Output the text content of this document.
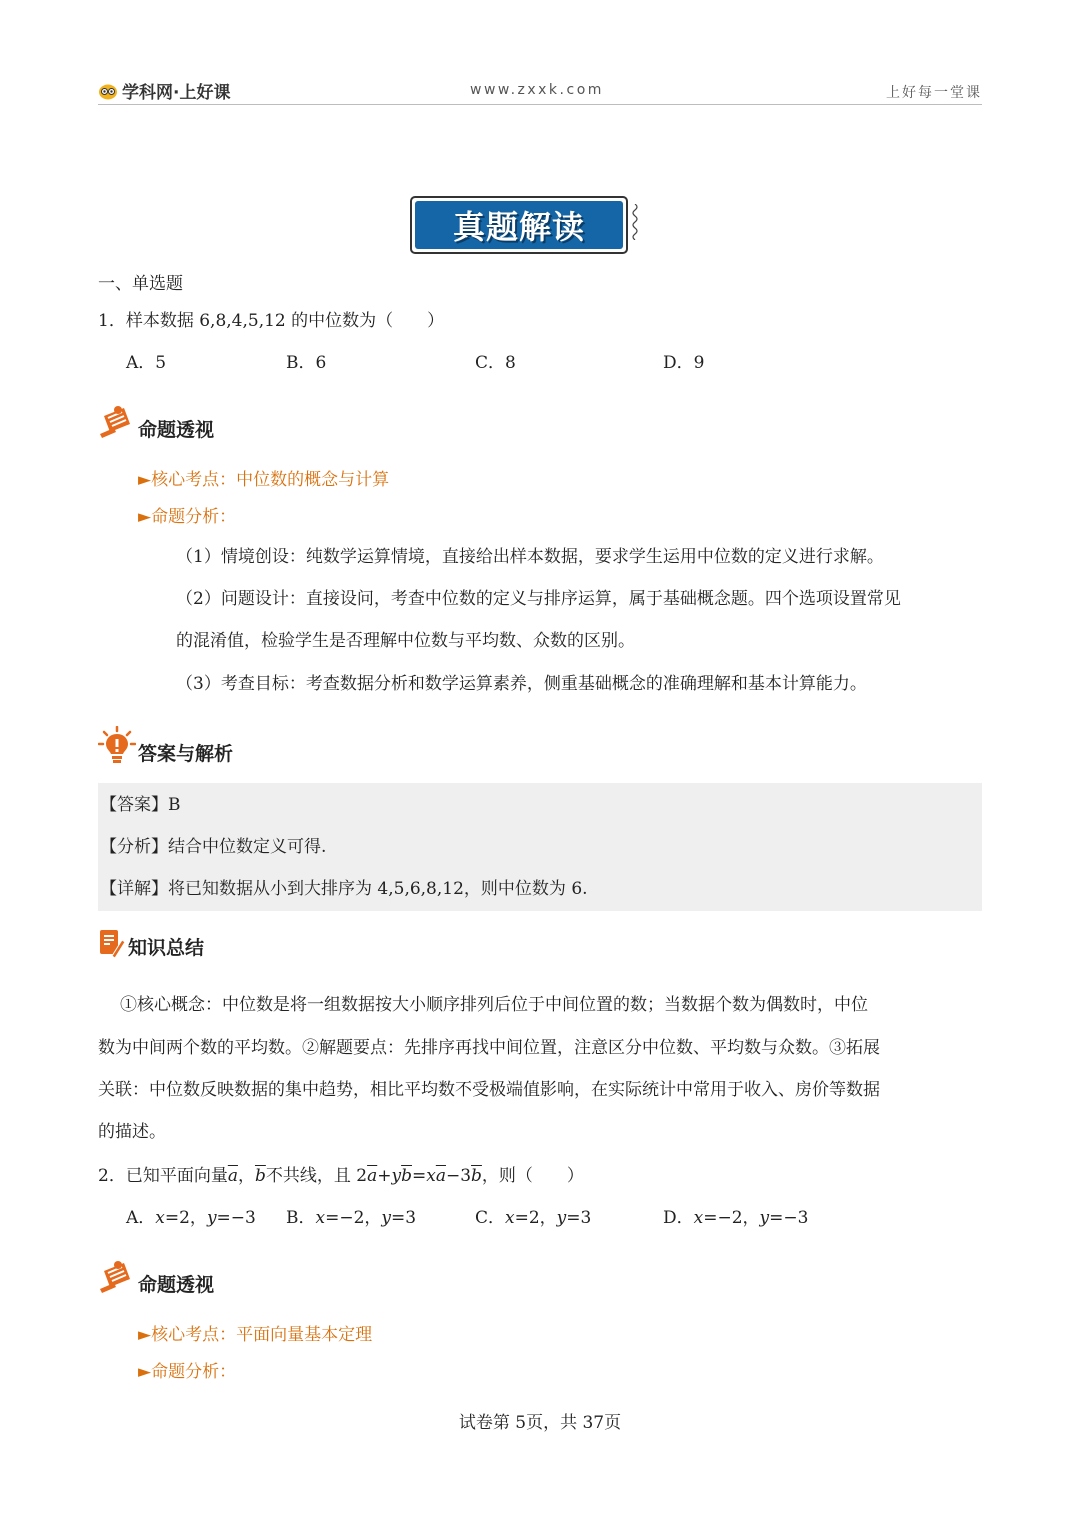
学科网·上好课	www.zxxk.com	上好每一堂课
真题解读
一、单选题
1．样本数据 6,8,4,5,12 的中位数为（　　）
A．5	B．6	C．8	D．9
命题透视
►核心考点：中位数的概念与计算
►命题分析：
（1）情境创设：纯数学运算情境，直接给出样本数据，要求学生运用中位数的定义进行求解。
（2）问题设计：直接设问，考查中位数的定义与排序运算，属于基础概念题。四个选项设置常见
的混淆值，检验学生是否理解中位数与平均数、众数的区别。
（3）考查目标：考查数据分析和数学运算素养，侧重基础概念的准确理解和基本计算能力。
答案与解析
【答案】B
【分析】结合中位数定义可得.
【详解】将已知数据从小到大排序为 4,5,6,8,12，则中位数为 6.
知识总结
①核心概念：中位数是将一组数据按大小顺序排列后位于中间位置的数；当数据个数为偶数时，中位
数为中间两个数的平均数。②解题要点：先排序再找中间位置，注意区分中位数、平均数与众数。③拓展
关联：中位数反映数据的集中趋势，相比平均数不受极端值影响，在实际统计中常用于收入、房价等数据
的描述。
2．已知平面向量$\overline{a}$，$\overline{b}$不共线，且 $2\overline{a}+y\overline{b}=x\overline{a}-3\overline{b}$，则（　　）
A．x=2，y=−3 B．x=−2，y=3	C．x=2，y=3	D．x=−2，y=−3
命题透视
►核心考点：平面向量基本定理
►命题分析：
试卷第 5页，共 37页
